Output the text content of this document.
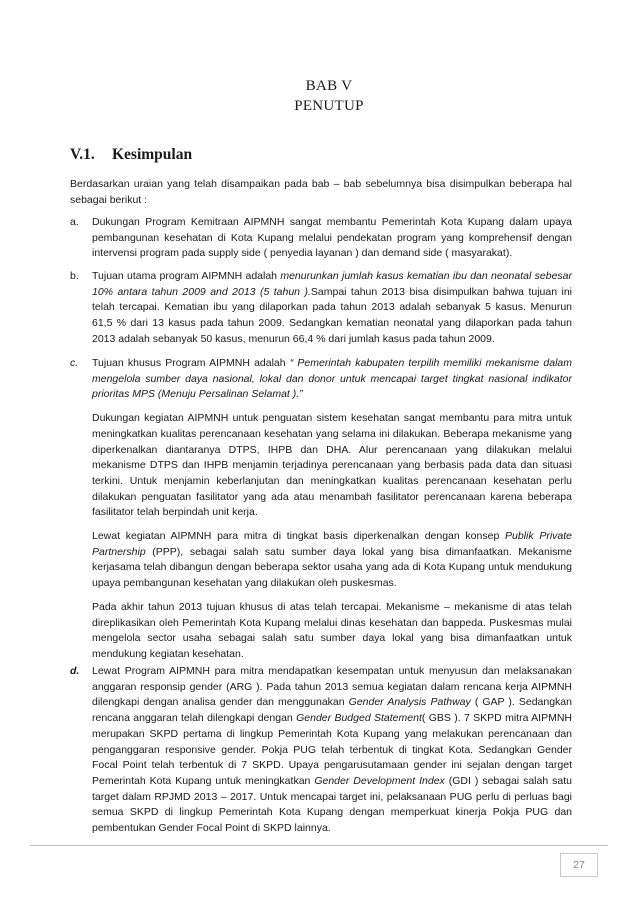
BAB V
PENUTUP
V.1. Kesimpulan
Berdasarkan uraian yang telah disampaikan pada bab – bab sebelumnya bisa disimpulkan beberapa hal sebagai berikut :
a.	Dukungan Program Kemitraan AIPMNH sangat membantu Pemerintah Kota Kupang dalam upaya pembangunan kesehatan di Kota Kupang melalui pendekatan program yang komprehensif dengan intervensi program pada supply side ( penyedia layanan ) dan demand side ( masyarakat).
b.	Tujuan utama program AIPMNH adalah menurunkan jumlah kasus kematian ibu dan neonatal sebesar 10% antara tahun 2009 and 2013 (5 tahun ).Sampai tahun 2013 bisa disimpulkan bahwa tujuan ini telah tercapai. Kematian ibu yang dilaporkan pada tahun 2013 adalah sebanyak 5 kasus. Menurun 61,5 % dari 13 kasus pada tahun 2009. Sedangkan kematian neonatal yang dilaporkan pada tahun 2013 adalah sebanyak 50 kasus, menurun 66,4 % dari jumlah kasus pada tahun 2009.
c.	Tujuan khusus Program AIPMNH adalah “ Pemerintah kabupaten terpilih memiliki mekanisme dalam mengelola sumber daya nasional, lokal dan donor untuk mencapai target tingkat nasional indikator prioritas MPS (Menuju Persalinan Selamat ).”

Dukungan kegiatan AIPMNH untuk penguatan sistem kesehatan sangat membantu para mitra untuk meningkatkan kualitas perencanaan kesehatan yang selama ini dilakukan. Beberapa mekanisme yang diperkenalkan diantaranya DTPS, IHPB dan DHA. Alur perencanaan yang dilakukan melalui mekanisme DTPS dan IHPB menjamin terjadinya perencanaan yang berbasis pada data dan situasi terkini. Untuk menjamin keberlanjutan dan meningkatkan kualitas perencanaan kesehatan perlu dilakukan penguatan fasilitator yang ada atau menambah fasilitator perencanaan karena beberapa fasilitator telah berpindah unit kerja.

Lewat kegiatan AIPMNH para mitra di tingkat basis diperkenalkan dengan konsep Publik Private Partnership (PPP), sebagai salah satu sumber daya lokal yang bisa dimanfaatkan. Mekanisme kerjasama telah dibangun dengan beberapa sektor usaha yang ada di Kota Kupang untuk mendukung upaya pembangunan kesehatan yang dilakukan oleh puskesmas.

Pada akhir tahun 2013 tujuan khusus di atas telah tercapai. Mekanisme – mekanisme di atas telah direplikasikan oleh Pemerintah Kota Kupang melalui dinas kesehatan dan bappeda. Puskesmas mulai mengelola sector usaha sebagai salah satu sumber daya lokal yang bisa dimanfaatkan untuk mendukung kegiatan kesehatan.

d.	Lewat Program AIPMNH para mitra mendapatkan kesempatan untuk menyusun dan melaksanakan anggaran responsip gender (ARG ). Pada tahun 2013 semua kegiatan dalam rencana kerja AIPMNH dilengkapi dengan analisa gender dan menggunakan Gender Analysis Pathway ( GAP ). Sedangkan rencana anggaran telah dilengkapi dengan Gender Budged Statement( GBS ). 7 SKPD mitra AIPMNH merupakan SKPD pertama di lingkup Pemerintah Kota Kupang yang melakukan perencanaan dan penganggaran responsive gender. Pokja PUG telah terbentuk di tingkat Kota. Sedangkan Gender Focal Point telah terbentuk di 7 SKPD. Upaya pengarusutamaan gender ini sejalan dengan target Pemerintah Kota Kupang untuk meningkatkan Gender Development Index (GDI ) sebagai salah satu target dalam RPJMD 2013 – 2017. Untuk mencapai target ini, pelaksanaan PUG perlu di perluas bagi semua SKPD di lingkup Pemerintah Kota Kupang dengan memperkuat kinerja Pokja PUG dan pembentukan Gender Focal Point di SKPD lainnya.
27
